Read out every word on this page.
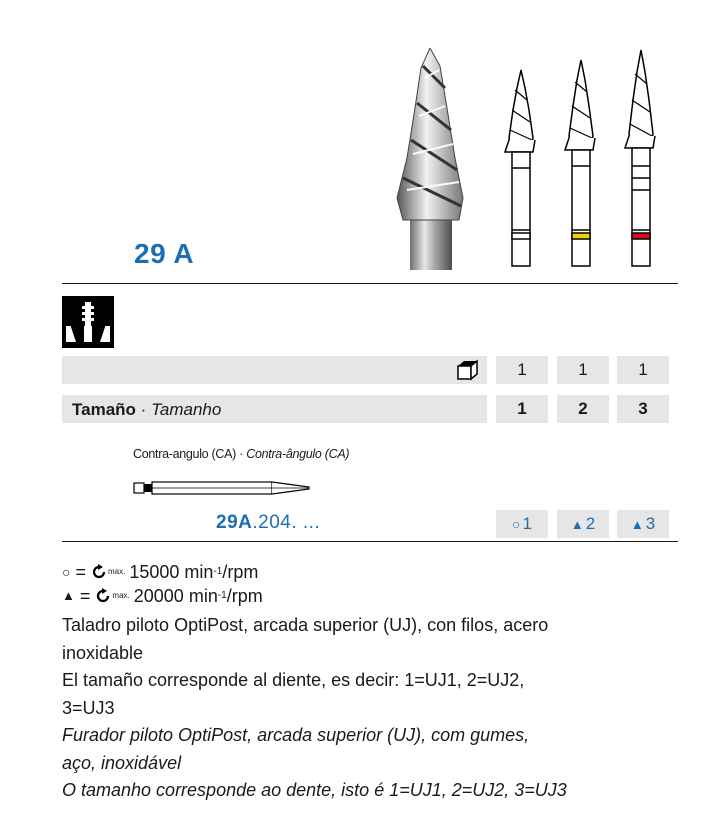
29 A
1	1	1
Tamaño · Tamanho	1	2	3
Contra-angulo (CA) · Contra-ângulo (CA)
29A.204. ...	○ 1	▲ 2	▲ 3
○
=
	max. 15000 min -1 /rpm
▲
=
	max. 20000 min -1 /rpm

Taladro piloto OptiPost, arcada superior (UJ), con filos, acero

inoxidable

El tamaño corresponde al diente, es decir: 1=UJ1, 2=UJ2,

3=UJ3

Furador piloto OptiPost, arcada superior (UJ), com gumes,

aço, inoxidável

O tamanho corresponde ao dente, isto é 1=UJ1, 2=UJ2, 3=UJ3
